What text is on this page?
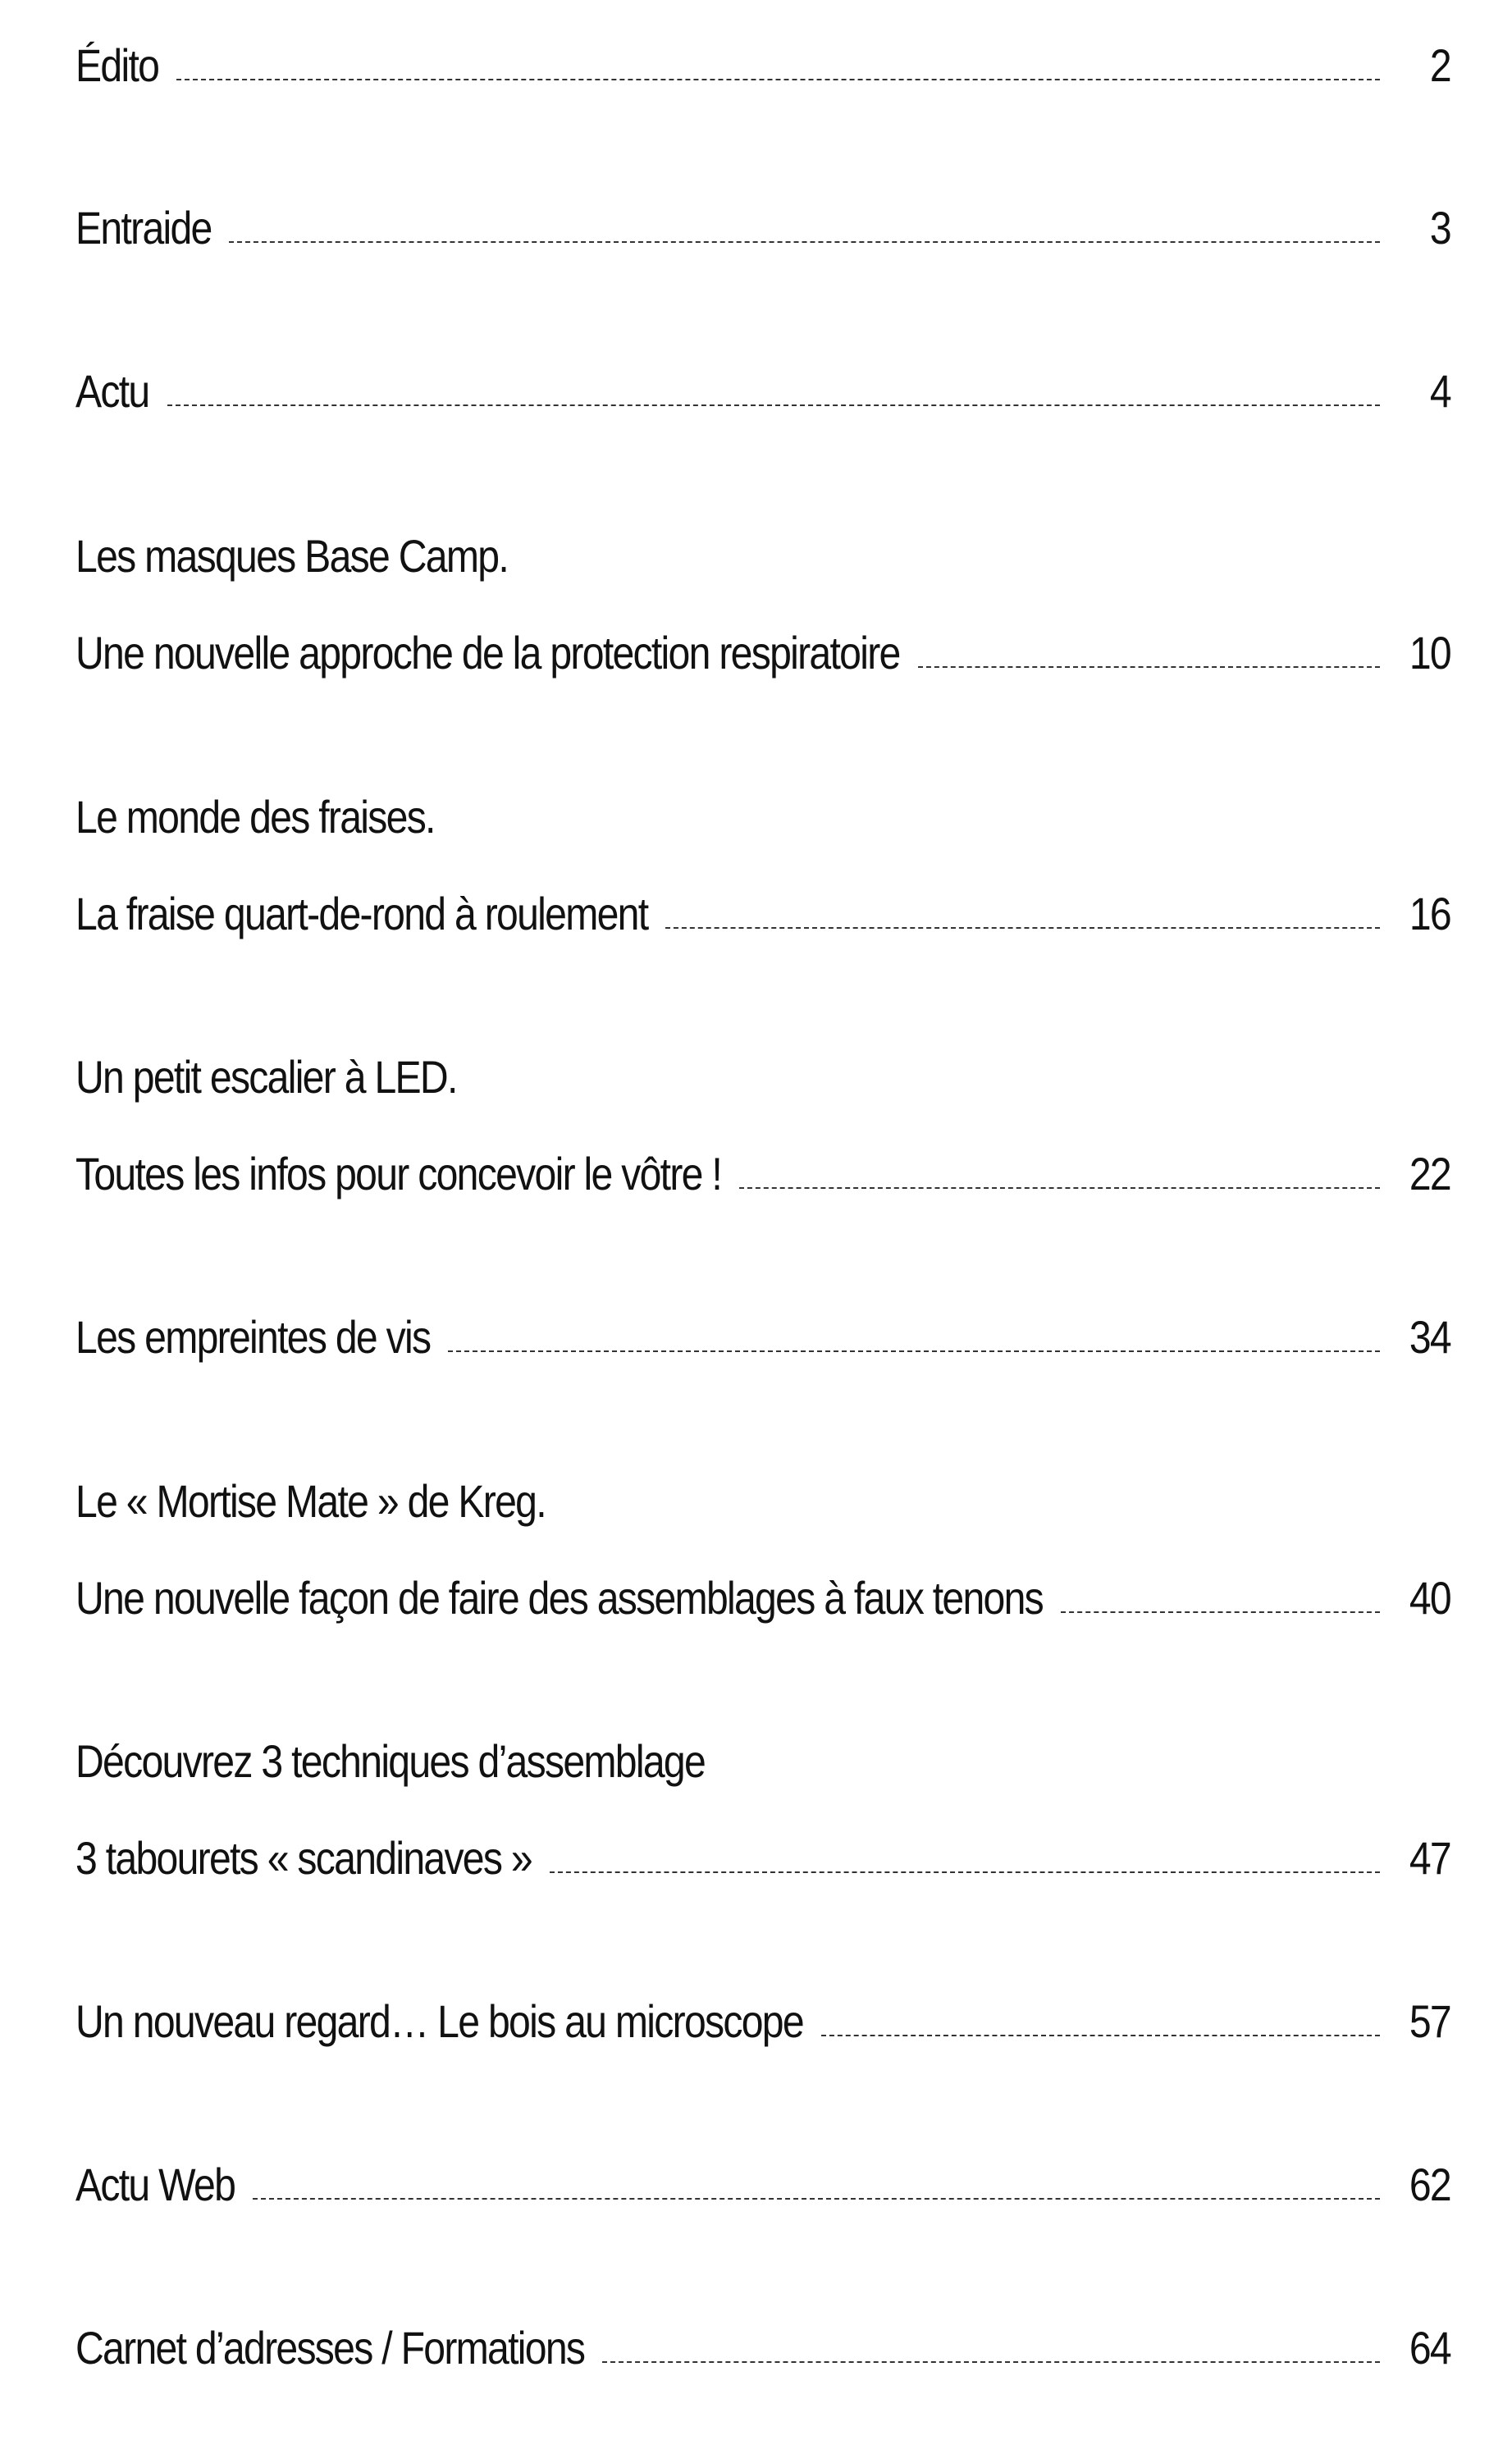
Édito	2
Entraide	3
Actu	4
Les masques Base Camp.
Une nouvelle approche de la protection respiratoire	10
Le monde des fraises.
La fraise quart-de-rond à roulement	16
Un petit escalier à LED.
Toutes les infos pour concevoir le vôtre !	22
Les empreintes de vis	34
Le « Mortise Mate » de Kreg.
Une nouvelle façon de faire des assemblages à faux tenons	40
Découvrez 3 techniques d’assemblage
3 tabourets « scandinaves »	47
Un nouveau regard… Le bois au microscope	57
Actu Web	62
Carnet d’adresses / Formations	64
